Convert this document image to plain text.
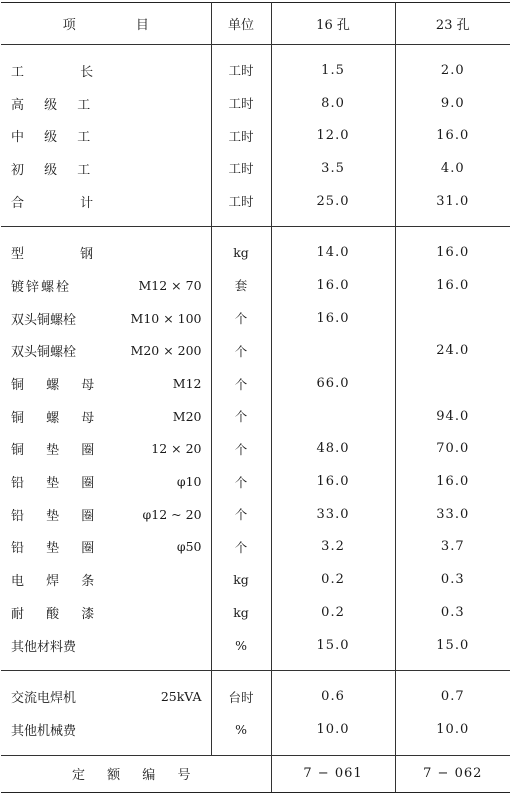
项 目		单位	16 孔	23 孔

工 长		工时	1.5	2.0
高 级 工		工时	8.0	9.0
中 级 工		工时	12.0	16.0
初 级 工		工时	3.5	4.0
合 计		工时	25.0	31.0

型 钢		kg	14.0	16.0
镀锌螺栓	M12 × 70	套	16.0	16.0
双头铜螺栓	M10 × 100	个	16.0	
双头铜螺栓	M20 × 200	个		24.0
铜 螺 母	M12	个	66.0	
铜 螺 母	M20	个		94.0
铜 垫 圈	12 × 20	个	48.0	70.0
铅 垫 圈	φ10	个	16.0	16.0
铅 垫 圈	φ12 ~ 20	个	33.0	33.0
铅 垫 圈	φ50	个	3.2	3.7
电 焊 条		kg	0.2	0.3
耐 酸 漆		kg	0.2	0.3
其他材料费		%	15.0	15.0

交流电焊机	25kVA	台时	0.6	0.7
其他机械费		%	10.0	10.0

定 额 编 号			7 − 061	7 − 062
